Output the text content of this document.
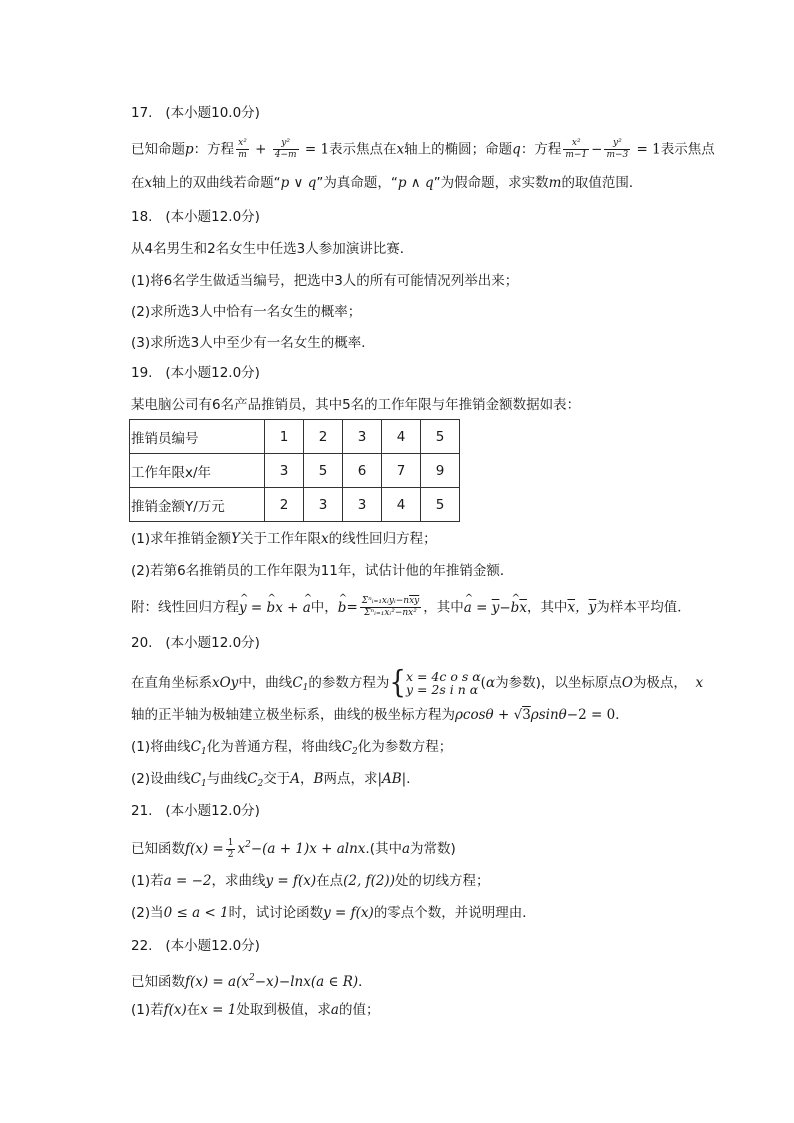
17. (本小题10.0分)
已知命题p：方程 $\frac{\text{x²}}{m} + \frac{\text{y²}}{4-m} = 1$表示焦点在x轴上的椭圆；命题q：方程 $\frac{\text{x²}}{m-1} - \frac{\text{y²}}{m-3} = 1$表示焦点
在x轴上的双曲线若命题“p ∨ q”为真命题，“p ∧ q”为假命题，求实数m的取值范围．
18. (本小题12.0分)
从4名男生和2名女生中任选3人参加演讲比赛．
(1)将6名学生做适当编号，把选中3人的所有可能情况列举出来；
(2)求所选3人中恰有一名女生的概率；
(3)求所选3人中至少有一名女生的概率．
19. (本小题12.0分)
某电脑公司有6名产品推销员，其中5名的工作年限与年推销金额数据如表：
推销员编号	1	2	3	4	5
工作年限x/年	3	5	6	7	9
推销金额Y/万元	2	3	3	4	5
(1)求年推销金额Y关于工作年限x的线性回归方程；
(2)若第6名推销员的工作年限为11年，试估计他的年推销金额．
附：线性回归方程^ y = ^ bx + ^ a中，^ $b= \frac{\Sigma^nᵢ_{=1}xᵢyᵢ-n\overline{xy}}{\Sigma^nᵢ_{=1}xᵢ^2-n\overline{x}^2}$ ，其中^ $a = \overline{y}-\^{}$ $b\overline{x}$，其中$\overline{x}$，$\overline{y}$为样本平均值．
20. (本小题12.0分)
在直角坐标系xOy中，曲线$C_1$的参数方程为{x = 4c o s α
y = 2s i n α (α为参数)，以坐标原点O为极点，  x
轴的正半轴为极轴建立极坐标系，曲线的极坐标方程为ρcosθ + √3ρsinθ−2 = 0．
(1)将曲线$C_1$化为普通方程，将曲线$C_2$化为参数方程；
(2)设曲线$C_1$与曲线$C_2$交于A，B两点，求|AB|．
21. (本小题12.0分)
已知函数$f(x) = \frac{1}{2} x^2-(a + 1)x + alnx$.(其中a为常数)
(1)若a = −2，求曲线y = f(x)在点(2, f(2))处的切线方程；
(2)当0 ≤ a < 1时，试讨论函数y = f(x)的零点个数，并说明理由．
22. (本小题12.0分)
已知函数$f(x) = a(x^2-x)-\ln x(a$ ∈ R)．
(1)若f(x)在x = 1处取到极值，求a的值；
